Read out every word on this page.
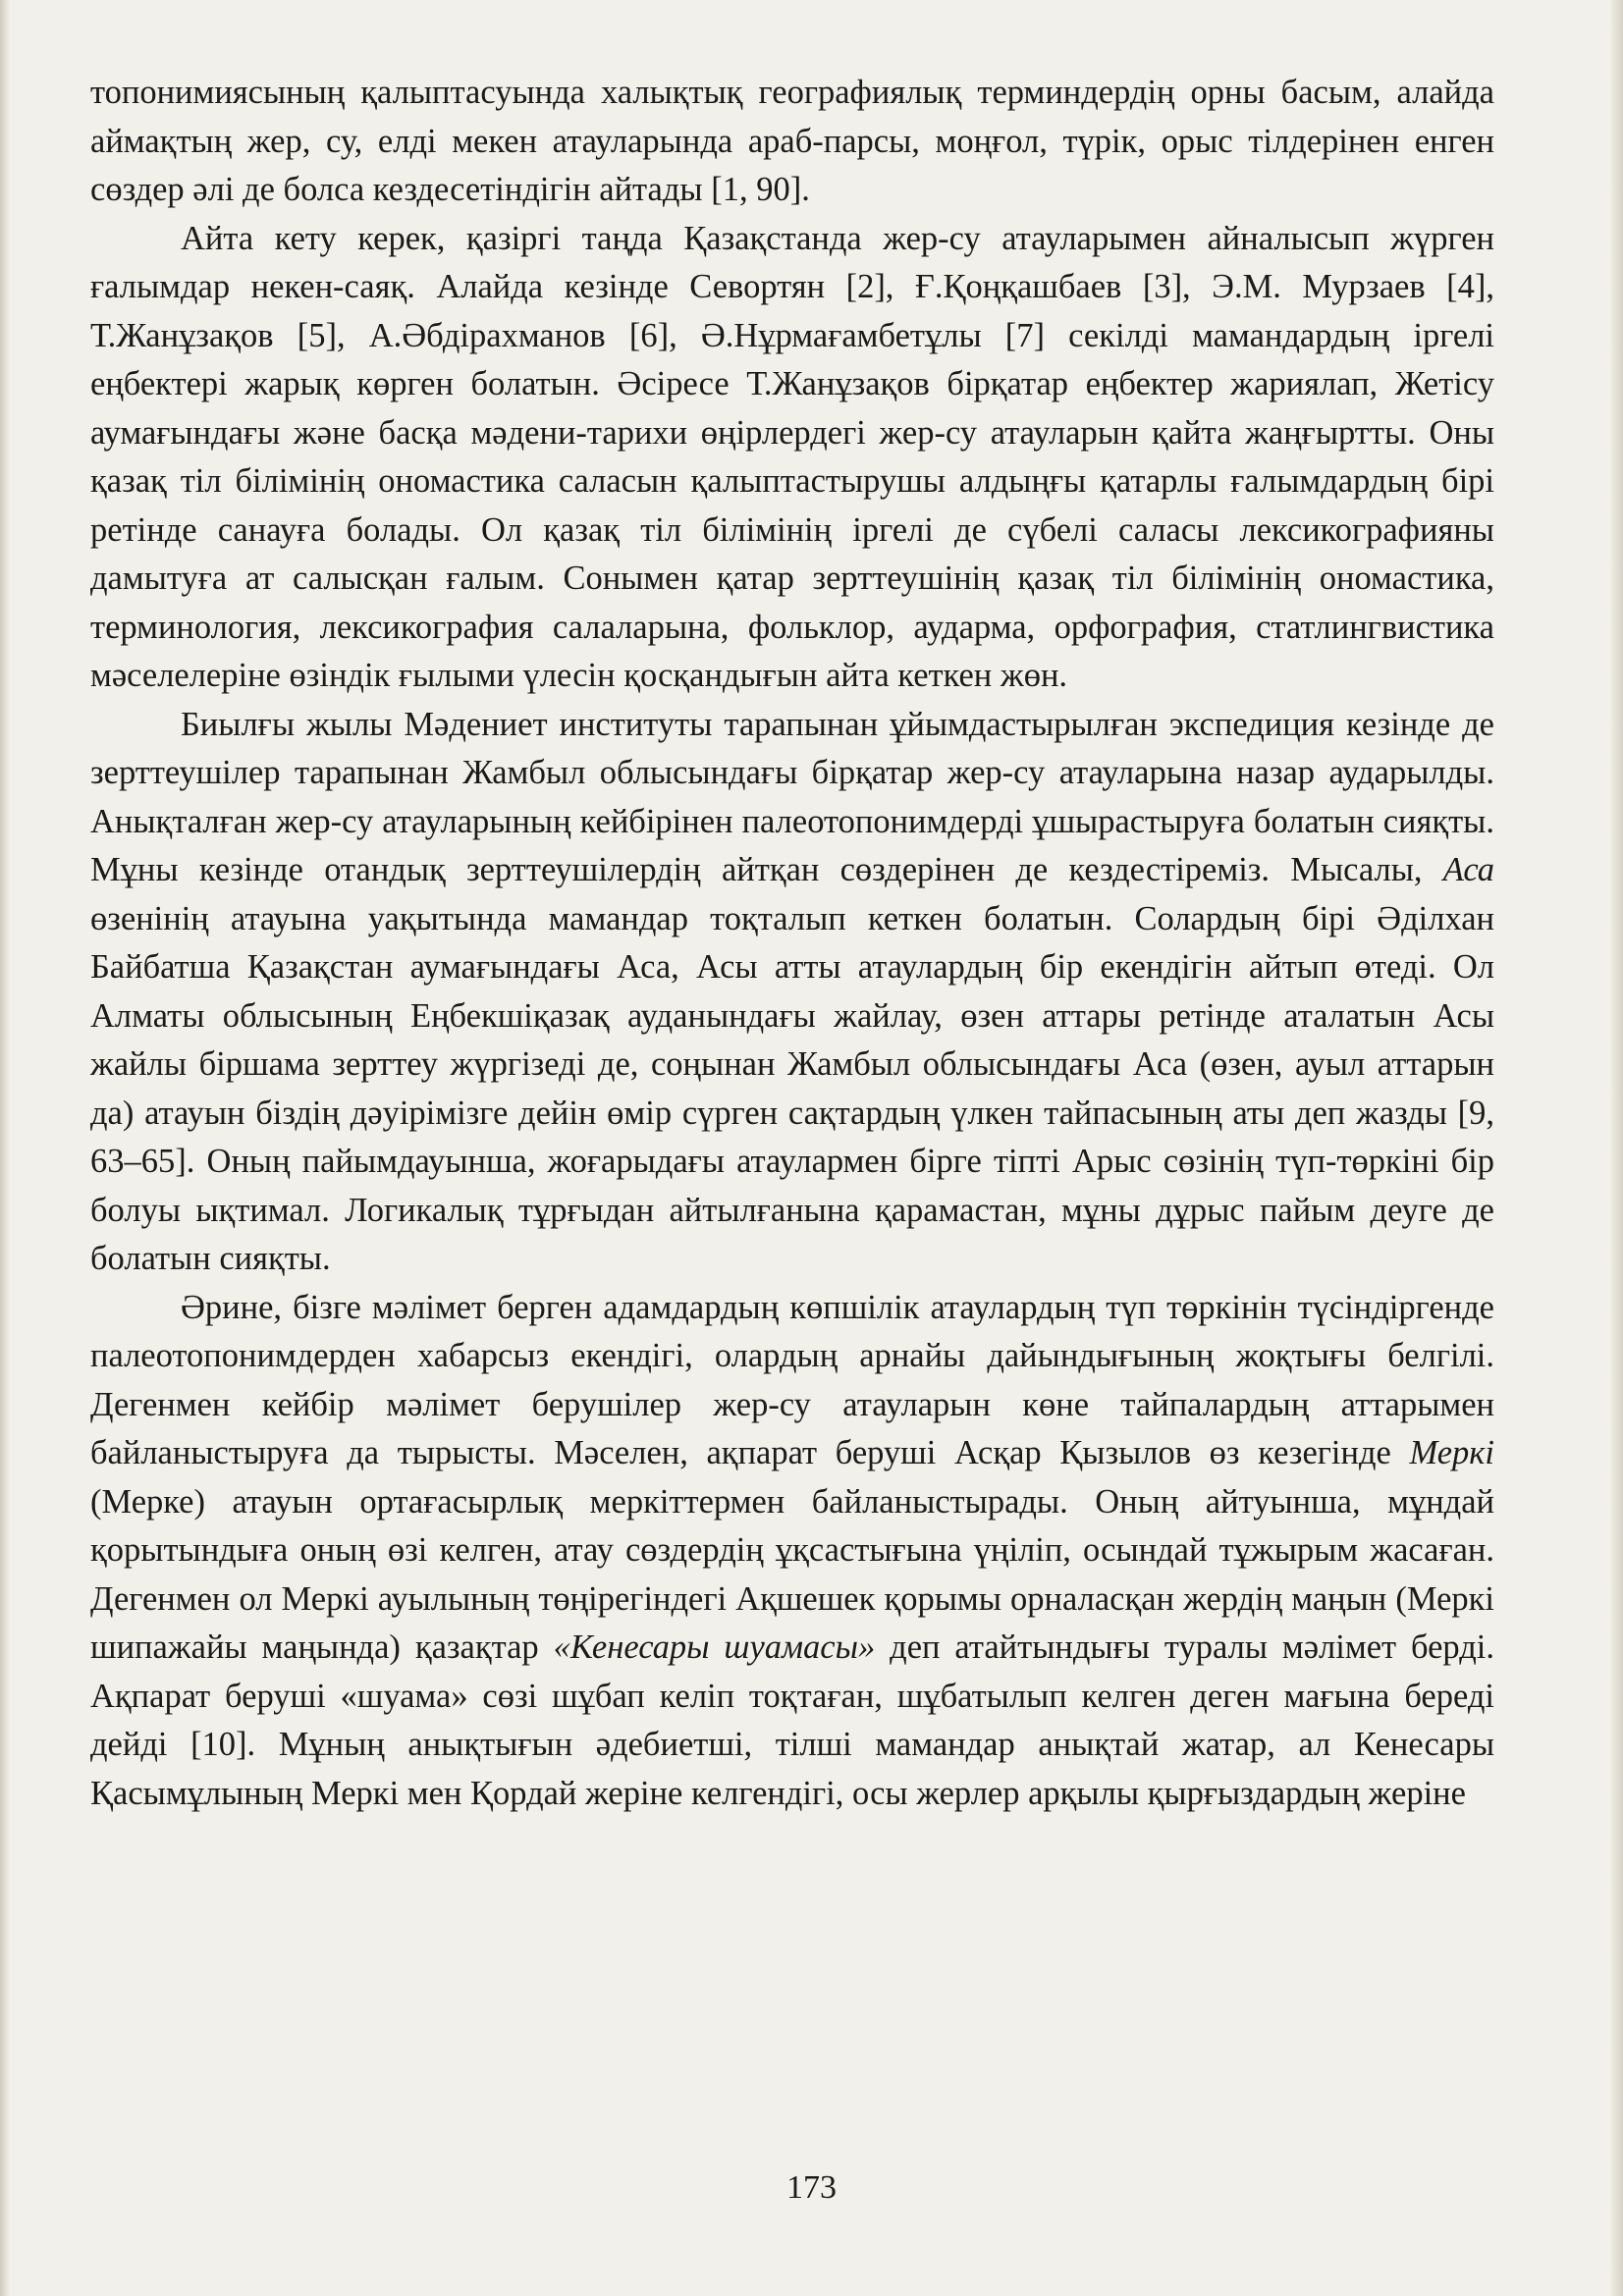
топонимиясының қалыптасуында халықтық географиялық терминдердің орны басым, алайда аймақтың жер, су, елді мекен атауларында араб-парсы, моңғол, түрік, орыс тілдерінен енген сөздер әлі де болса кездесетіндігін айтады [1, 90].

Айта кету керек, қазіргі таңда Қазақстанда жер-су атауларымен айналысып жүрген ғалымдар некен-саяқ. Алайда кезінде Севортян [2], Ғ.Қоңқашбаев [3], Э.М. Мурзаев [4], Т.Жанұзақов [5], А.Әбдірахманов [6], Ә.Нұрмағамбетұлы [7] секілді мамандардың іргелі еңбектері жарық көрген болатын. Әсіресе Т.Жанұзақов бірқатар еңбектер жариялап, Жетісу аумағындағы және басқа мәдени-тарихи өңірлердегі жер-су атауларын қайта жаңғыртты. Оны қазақ тіл білімінің ономастика саласын қалыптастырушы алдыңғы қатарлы ғалымдардың бірі ретінде санауға болады. Ол қазақ тіл білімінің іргелі де сүбелі саласы лексикографияны дамытуға ат салысқан ғалым. Сонымен қатар зерттеушінің қазақ тіл білімінің ономастика, терминология, лексикография салаларына, фольклор, аударма, орфография, статлингвистика мәселелеріне өзіндік ғылыми үлесін қосқандығын айта кеткен жөн.

Биылғы жылы Мәдениет институты тарапынан ұйымдастырылған экспедиция кезінде де зерттеушілер тарапынан Жамбыл облысындағы бірқатар жер-су атауларына назар аударылды. Анықталған жер-су атауларының кейбірінен палеотопонимдерді ұшырастыруға болатын сияқты. Мұны кезінде отандық зерттеушілердің айтқан сөздерінен де кездестіреміз. Мысалы, Аса өзенінің атауына уақытында мамандар тоқталып кеткен болатын. Солардың бірі Әділхан Байбатша Қазақстан аумағындағы Аса, Асы атты атаулардың бір екендігін айтып өтеді. Ол Алматы облысының Еңбекшіқазақ ауданындағы жайлау, өзен аттары ретінде аталатын Асы жайлы біршама зерттеу жүргізеді де, соңынан Жамбыл облысындағы Аса (өзен, ауыл аттарын да) атауын біздің дәуірімізге дейін өмір сүрген сақтардың үлкен тайпасының аты деп жазды [9, 63–65]. Оның пайымдауынша, жоғарыдағы атаулармен бірге тіпті Арыс сөзінің түп-төркіні бір болуы ықтимал. Логикалық тұрғыдан айтылғанына қарамастан, мұны дұрыс пайым деуге де болатын сияқты.

Әрине, бізге мәлімет берген адамдардың көпшілік атаулардың түп төркінін түсіндіргенде палеотопонимдерден хабарсыз екендігі, олардың арнайы дайындығының жоқтығы белгілі. Дегенмен кейбір мәлімет берушілер жер-су атауларын көне тайпалардың аттарымен байланыстыруға да тырысты. Мәселен, ақпарат беруші Асқар Қызылов өз кезегінде Меркі (Мерке) атауын ортағасырлық меркіттермен байланыстырады. Оның айтуынша, мұндай қорытындыға оның өзі келген, атау сөздердің ұқсастығына үңіліп, осындай тұжырым жасаған. Дегенмен ол Меркі ауылының төңірегіндегі Ақшешек қорымы орналасқан жердің маңын (Меркі шипажайы маңында) қазақтар «Кенесары шуамасы» деп атайтындығы туралы мәлімет берді. Ақпарат беруші «шуама» сөзі шұбап келіп тоқтаған, шұбатылып келген деген мағына береді дейді [10]. Мұның анықтығын әдебиетші, тілші мамандар анықтай жатар, ал Кенесары Қасымұлының Меркі мен Қордай жеріне келгендігі, осы жерлер арқылы қырғыздардың жеріне

173
